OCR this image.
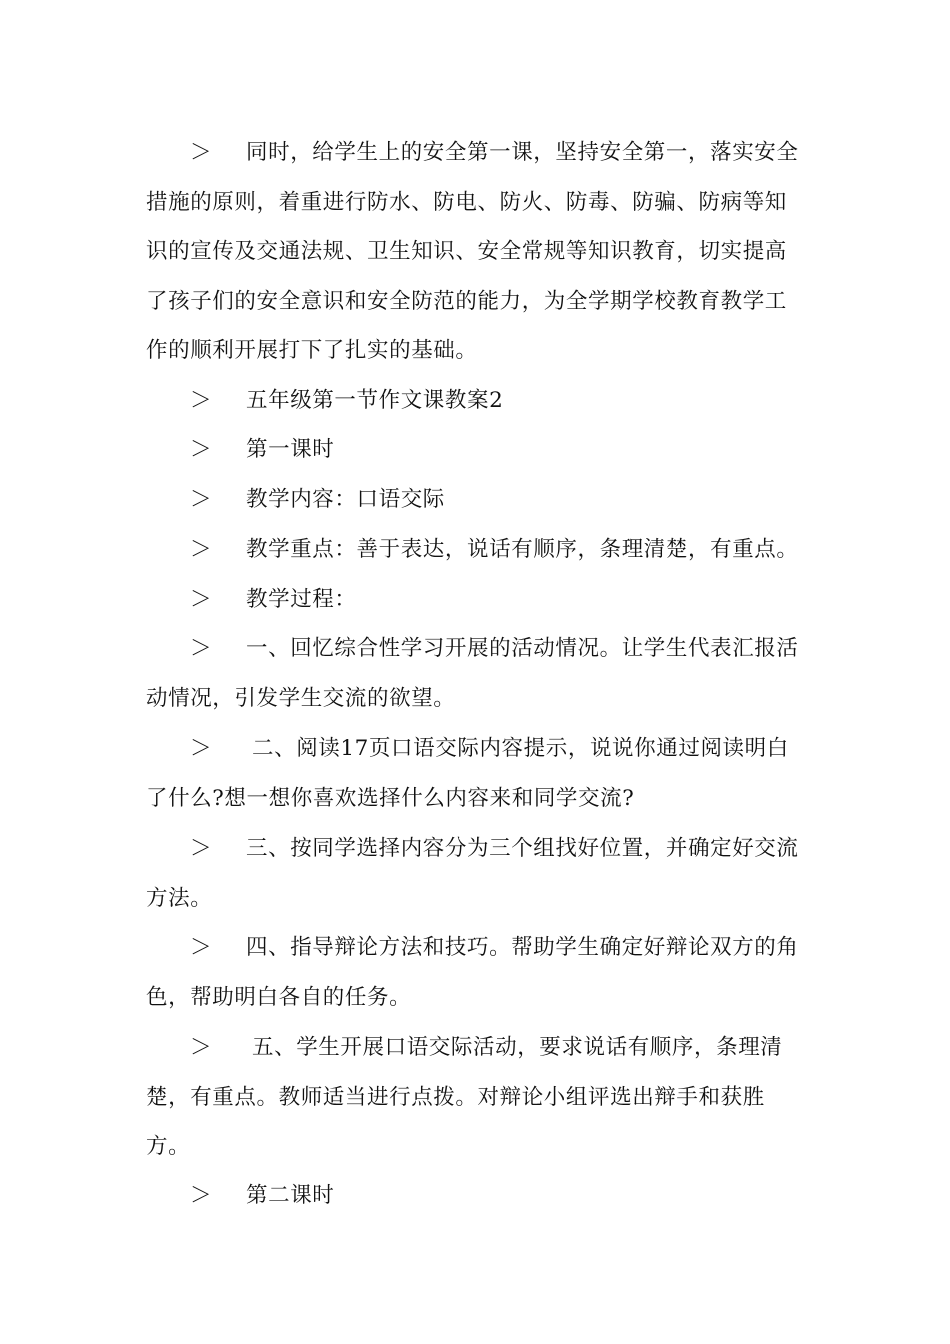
＞ 同时，给学生上的安全第一课，坚持安全第一，落实安全措施的原则，着重进行防水、防电、防火、防毒、防骗、防病等知识的宣传及交通法规、卫生知识、安全常规等知识教育，切实提高了孩子们的安全意识和安全防范的能力，为全学期学校教育教学工作的顺利开展打下了扎实的基础。

＞ 五年级第一节作文课教案2

＞ 第一课时

＞ 教学内容：口语交际

＞ 教学重点：善于表达，说话有顺序，条理清楚，有重点。

＞ 教学过程：

＞ 一、回忆综合性学习开展的活动情况。让学生代表汇报活动情况，引发学生交流的欲望。

＞ 二、阅读17页口语交际内容提示，说说你通过阅读明白了什么?想一想你喜欢选择什么内容来和同学交流?

＞ 三、按同学选择内容分为三个组找好位置，并确定好交流方法。

＞ 四、指导辩论方法和技巧。帮助学生确定好辩论双方的角色，帮助明白各自的任务。

＞ 五、学生开展口语交际活动，要求说话有顺序，条理清楚，有重点。教师适当进行点拨。对辩论小组评选出辩手和获胜方。

＞ 第二课时
